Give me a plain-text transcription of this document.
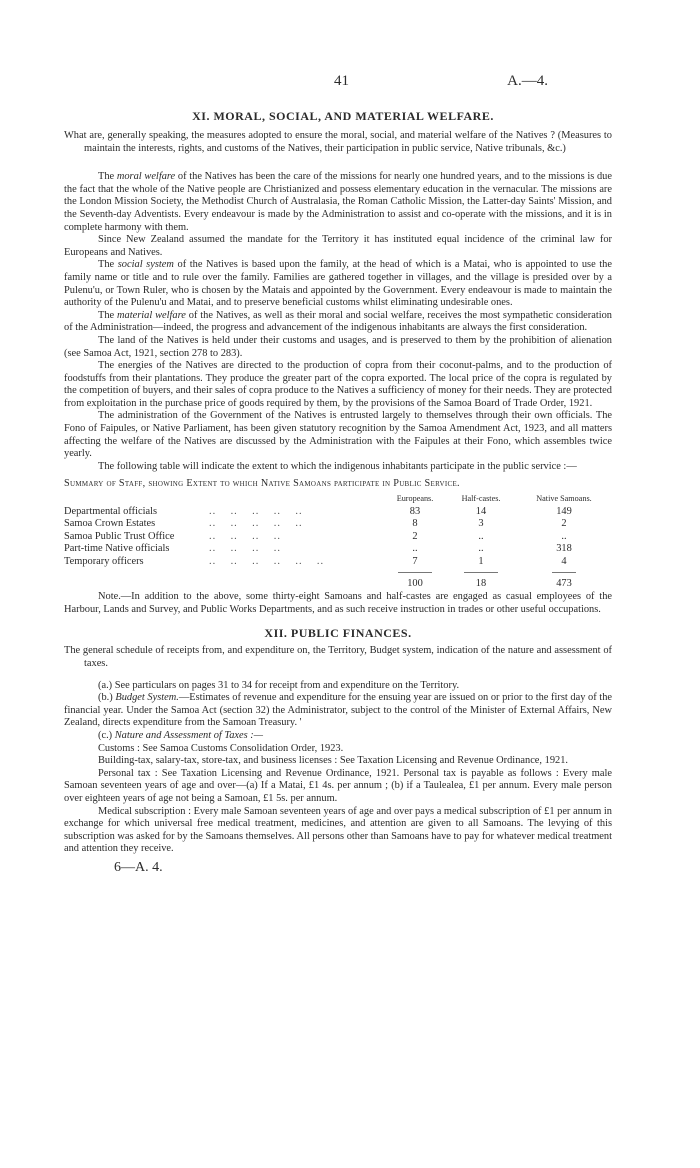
41	A.—4.
XI. MORAL, SOCIAL, AND MATERIAL WELFARE.

What are, generally speaking, the measures adopted to ensure the moral, social, and material welfare of the Natives ? (Measures to maintain the interests, rights, and customs of the Natives, their participation in public service, Native tribunals, &c.)

The moral welfare of the Natives has been the care of the missions for nearly one hundred years, and to the missions is due the fact that the whole of the Native people are Christianized and possess elementary education in the vernacular. The missions are the London Mission Society, the Methodist Church of Australasia, the Roman Catholic Mission, the Latter-day Saints' Mission, and the Seventh-day Adventists. Every endeavour is made by the Administration to assist and co-operate with the missions, and it is in complete harmony with them.

Since New Zealand assumed the mandate for the Territory it has instituted equal incidence of the criminal law for Europeans and Natives.

The social system of the Natives is based upon the family, at the head of which is a Matai, who is appointed to use the family name or title and to rule over the family. Families are gathered together in villages, and the village is presided over by a Pulenu'u, or Town Ruler, who is chosen by the Matais and appointed by the Government. Every endeavour is made to maintain the authority of the Pulenu'u and Matai, and to preserve beneficial customs whilst eliminating undesirable ones.

The material welfare of the Natives, as well as their moral and social welfare, receives the most sympathetic consideration of the Administration—indeed, the progress and advancement of the indigenous inhabitants are always the first consideration.

The land of the Natives is held under their customs and usages, and is preserved to them by the prohibition of alienation (see Samoa Act, 1921, section 278 to 283).

The energies of the Natives are directed to the production of copra from their coconut-palms, and to the production of foodstuffs from their plantations. They produce the greater part of the copra exported. The local price of the copra is regulated by the competition of buyers, and their sales of copra produce to the Natives a sufficiency of money for their needs. They are protected from exploitation in the purchase price of goods required by them, by the provisions of the Samoa Board of Trade Order, 1921.

The administration of the Government of the Natives is entrusted largely to themselves through their own officials. The Fono of Faipules, or Native Parliament, has been given statutory recognition by the Samoa Amendment Act, 1923, and all matters affecting the welfare of the Natives are discussed by the Administration with the Faipules at their Fono, which assembles twice yearly.

The following table will indicate the extent to which the indigenous inhabitants participate in the public service :—

Summary of Staff, showing Extent to which Native Samoans participate in Public Service.

		Europeans.	Half-castes.	Native Samoans.
Departmental officials	..    ..    ..    ..    ..	83	14	149
Samoa Crown Estates	..    ..    ..    ..    ..	8	3	2
Samoa Public Trust Office	..    ..    ..    ..	2	..	..
Part-time Native officials	..    ..    ..    ..	..	..	318
Temporary officers	..    ..    ..    ..    ..    ..	7	1	4

		100	18	473

Note.—In addition to the above, some thirty-eight Samoans and half-castes are engaged as casual employees of the Harbour, Lands and Survey, and Public Works Departments, and as such receive instruction in trades or other useful occupations.

XII. PUBLIC FINANCES.

The general schedule of receipts from, and expenditure on, the Territory, Budget system, indication of the nature and assessment of taxes.

(a.) See particulars on pages 31 to 34 for receipt from and expenditure on the Territory.

(b.) Budget System.—Estimates of revenue and expenditure for the ensuing year are issued on or prior to the first day of the financial year. Under the Samoa Act (section 32) the Administrator, subject to the control of the Minister of External Affairs, New Zealand, directs expenditure from the Samoan Treasury. '

(c.) Nature and Assessment of Taxes :—

Customs : See Samoa Customs Consolidation Order, 1923.

Building-tax, salary-tax, store-tax, and business licenses : See Taxation Licensing and Revenue Ordinance, 1921.

Personal tax : See Taxation Licensing and Revenue Ordinance, 1921. Personal tax is payable as follows : Every male Samoan seventeen years of age and over—(a) If a Matai, £1 4s. per annum ; (b) if a Taulealea, £1 per annum. Every male person over eighteen years of age not being a Samoan, £1 5s. per annum.

Medical subscription : Every male Samoan seventeen years of age and over pays a medical subscription of £1 per annum in exchange for which universal free medical treatment, medicines, and attention are given to all Samoans. The levying of this subscription was asked for by the Samoans themselves. All persons other than Samoans have to pay for whatever medical treatment and attention they receive.

6—A. 4.
